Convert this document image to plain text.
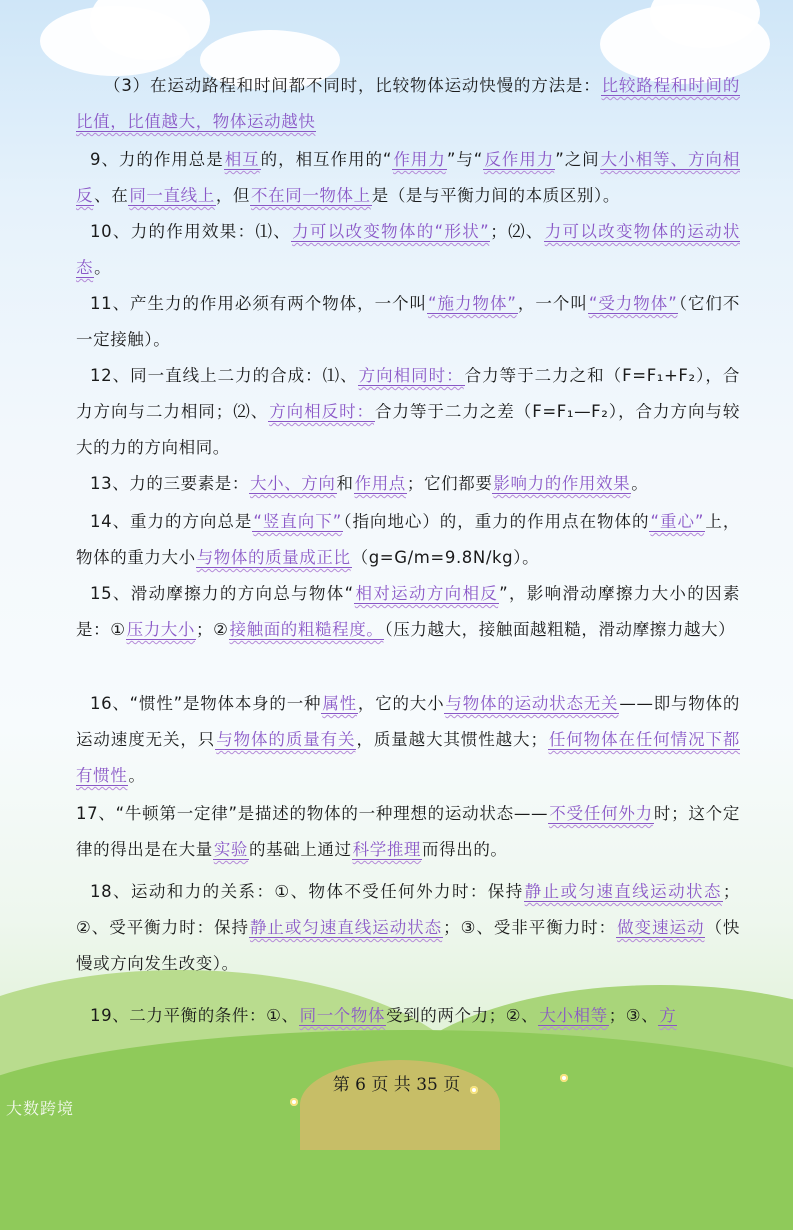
（3）在运动路程和时间都不同时，比较物体运动快慢的方法是：比较路程和时间的比值，比值越大，物体运动越快
9、力的作用总是相互的，相互作用的“作用力”与“反作用力”之间大小相等、方向相反、在同一直线上，但不在同一物体上是（是与平衡力间的本质区别）。
10、力的作用效果：⑴、力可以改变物体的“形状”；⑵、力可以改变物体的运动状态。
11、产生力的作用必须有两个物体，一个叫“施力物体”，一个叫“受力物体”（它们不一定接触）。
12、同一直线上二力的合成：⑴、方向相同时：合力等于二力之和（F=F₁+F₂），合力方向与二力相同；⑵、方向相反时：合力等于二力之差（F=F₁—F₂），合力方向与较大的力的方向相同。
13、力的三要素是：大小、方向和作用点；它们都要影响力的作用效果。
14、重力的方向总是“竖直向下”（指向地心）的，重力的作用点在物体的“重心”上，物体的重力大小与物体的质量成正比（g=G/m=9.8N/kg）。
15、滑动摩擦力的方向总与物体“相对运动方向相反”，影响滑动摩擦力大小的因素是：①压力大小；②接触面的粗糙程度。（压力越大，接触面越粗糙，滑动摩擦力越大）
16、“惯性”是物体本身的一种属性，它的大小与物体的运动状态无关——即与物体的运动速度无关，只与物体的质量有关，质量越大其惯性越大；任何物体在任何情况下都有惯性。
17、“牛顿第一定律”是描述的物体的一种理想的运动状态——不受任何外力时；这个定律的得出是在大量实验的基础上通过科学推理而得出的。
18、运动和力的关系：①、物体不受任何外力时：保持静止或匀速直线运动状态；②、受平衡力时：保持静止或匀速直线运动状态；③、受非平衡力时：做变速运动（快慢或方向发生改变）。
19、二力平衡的条件：①、同一个物体受到的两个力；②、大小相等；③、方
第 6 页 共 35 页
大数跨境
